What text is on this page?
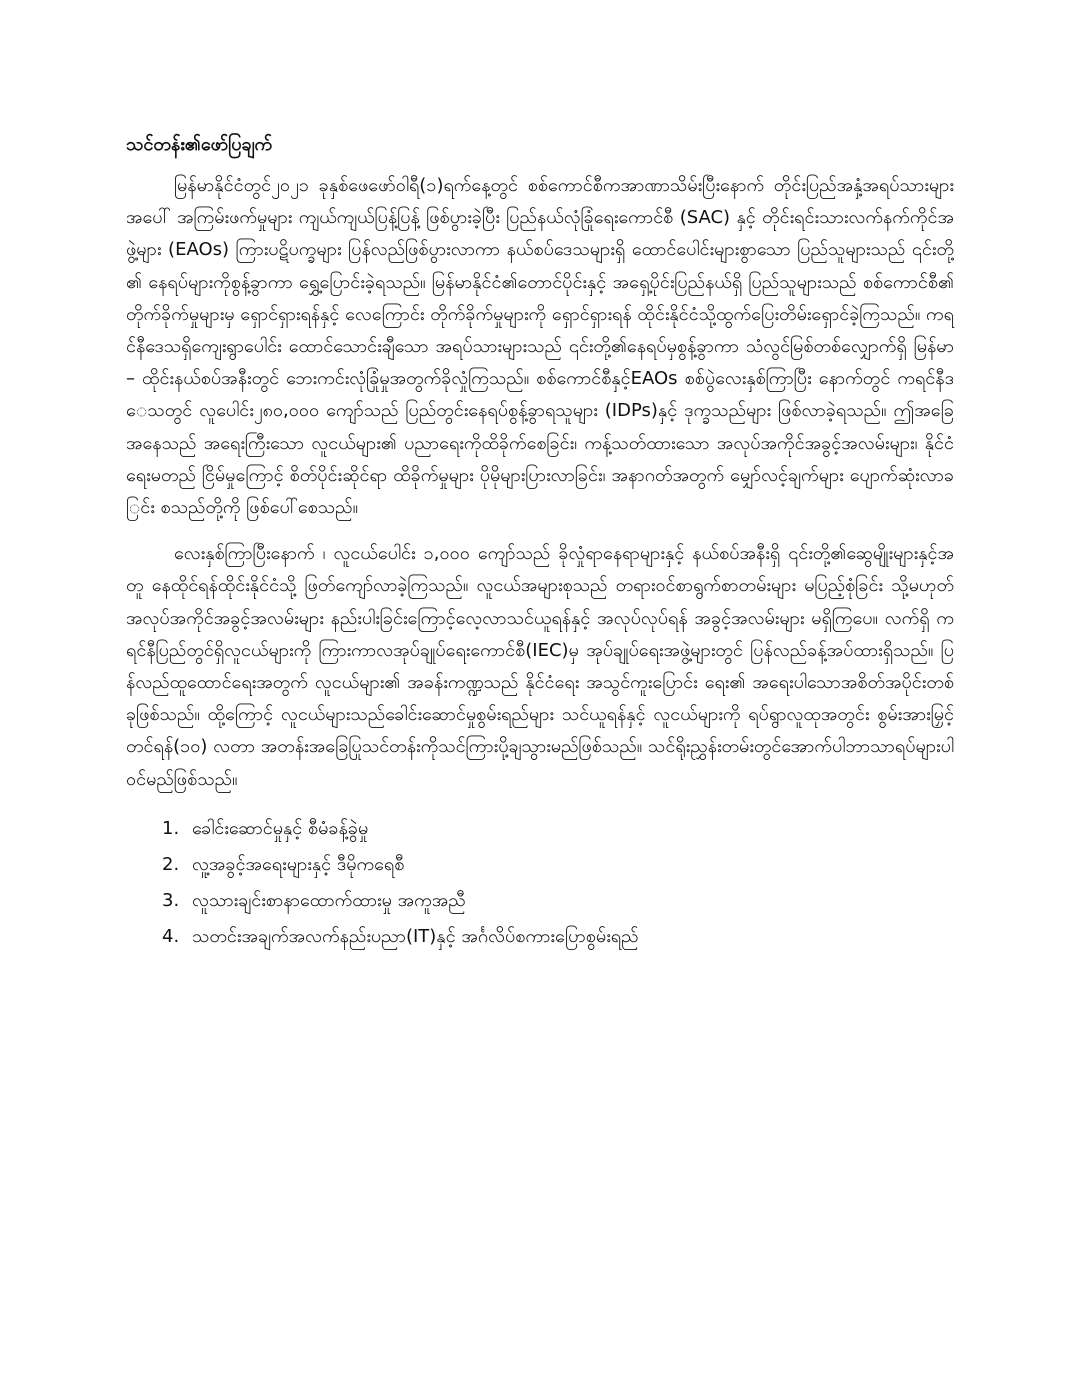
သင်တန်း၏ဖော်ပြချက်

မြန်မာနိုင်ငံတွင်၂၀၂၁ ခုနှစ်ဖေဖော်ဝါရီ(၁)ရက်နေ့တွင် စစ်ကောင်စီကအာဏာသိမ်းပြီးနောက် တိုင်းပြည်အနှံ့အရပ်သားများအပေါ် အကြမ်းဖက်မှုများ ကျယ်ကျယ်ပြန့်ပြန့် ဖြစ်ပွားခဲ့ပြီး ပြည်နယ်လုံခြုံရေးကောင်စီ (SAC) နှင့် တိုင်းရင်းသားလက်နက်ကိုင်အဖွဲ့များ (EAOs) ကြားပဋိပက္ခများ ပြန်လည်ဖြစ်ပွားလာကာ နယ်စပ်ဒေသများရှိ ထောင်ပေါင်းများစွာသော ပြည်သူများသည် ၎င်းတို့၏ နေရပ်များကိုစွန့်ခွာကာ ရွှေ့ပြောင်းခဲ့ရသည်။ မြန်မာနိုင်ငံ၏တောင်ပိုင်းနှင့် အရှေ့ပိုင်းပြည်နယ်ရှိ ပြည်သူများသည် စစ်ကောင်စီ၏တိုက်ခိုက်မှုများမှ ရှောင်ရှားရန်နှင့် လေကြောင်း တိုက်ခိုက်မှုများကို ရှောင်ရှားရန် ထိုင်းနိုင်ငံသို့ထွက်ပြေးတိမ်းရှောင်ခဲ့ကြသည်။ ကရင်နီဒေသရှိကျေးရွာပေါင်း ထောင်သောင်းချီသော အရပ်သားများသည် ၎င်းတို့၏နေရပ်မှစွန့်ခွာကာ သံလွင်မြစ်တစ်လျှောက်ရှိ မြန်မာ – ထိုင်းနယ်စပ်အနီးတွင် ဘေးကင်းလုံခြုံမှုအတွက်ခိုလှုံကြသည်။ စစ်ကောင်စီနှင့်EAOs စစ်ပွဲလေးနှစ်ကြာပြီး နောက်တွင် ကရင်နီဒေသတွင် လူပေါင်း၂၈၀,၀၀၀ ကျော်သည် ပြည်တွင်းနေရပ်စွန့်ခွာရသူများ (IDPs)နှင့် ဒုက္ခသည်များ ဖြစ်လာခဲ့ရသည်။ ဤအခြေအနေသည် အရေးကြီးသော လူငယ်များ၏ ပညာရေးကိုထိခိုက်စေခြင်း၊ ကန့်သတ်ထားသော အလုပ်အကိုင်အခွင့်အလမ်းများ၊ နိုင်ငံရေးမတည် ငြိမ်မှုကြောင့် စိတ်ပိုင်းဆိုင်ရာ ထိခိုက်မှုများ ပိုမိုများပြားလာခြင်း၊ အနာဂတ်အတွက် မျှော်လင့်ချက်များ ပျောက်ဆုံးလာခြင်း စသည်တို့ကို ဖြစ်ပေါ်စေသည်။

လေးနှစ်ကြာပြီးနောက် ၊ လူငယ်ပေါင်း ၁,၀၀၀ ကျော်သည် ခိုလှုံရာနေရာများနှင့် နယ်စပ်အနီးရှိ ၎င်းတို့၏ဆွေမျိုးများနှင့်အတူ နေထိုင်ရန်ထိုင်းနိုင်ငံသို့ ဖြတ်ကျော်လာခဲ့ကြသည်။ လူငယ်အများစုသည် တရားဝင်စာရွက်စာတမ်းများ မပြည့်စုံခြင်း သို့မဟုတ် အလုပ်အကိုင်အခွင့်အလမ်းများ နည်းပါးခြင်းကြောင့်လေ့လာသင်ယူရန်နှင့် အလုပ်လုပ်ရန် အခွင့်အလမ်းများ မရှိကြပေ။ လက်ရှိ ကရင်နီပြည်တွင်ရှိလူငယ်များကို ကြားကာလအုပ်ချုပ်ရေးကောင်စီ(IEC)မှ အုပ်ချုပ်ရေးအဖွဲ့များတွင် ပြန်လည်ခန့်အပ်ထားရှိသည်။ ပြန်လည်ထူထောင်ရေးအတွက် လူငယ်များ၏ အခန်းကဏ္ဍသည် နိုင်ငံရေး အသွင်ကူးပြောင်း ရေး၏ အရေးပါသောအစိတ်အပိုင်းတစ်ခုဖြစ်သည်။ ထို့ကြောင့် လူငယ်များသည်ခေါင်းဆောင်မှုစွမ်းရည်များ သင်ယူရန်နှင့် လူငယ်များကို ရပ်ရွာလူထုအတွင်း စွမ်းအားမြှင့်တင်ရန်(၁၀) လတာ အတန်းအခြေပြုသင်တန်းကိုသင်ကြားပို့ချသွားမည်ဖြစ်သည်။ သင်ရိုးညွှန်းတမ်းတွင်အောက်ပါဘာသာရပ်များပါဝင်မည်ဖြစ်သည်။

1. ခေါင်းဆောင်မှုနှင့် စီမံခန့်ခွဲမှု
2. လူ့အခွင့်အရေးများနှင့် ဒီမိုကရေစီ
3. လူသားချင်းစာနာထောက်ထားမှု အကူအညီ
4. သတင်းအချက်အလက်နည်းပညာ(IT)နှင့် အင်္ဂလိပ်စကားပြောစွမ်းရည်
